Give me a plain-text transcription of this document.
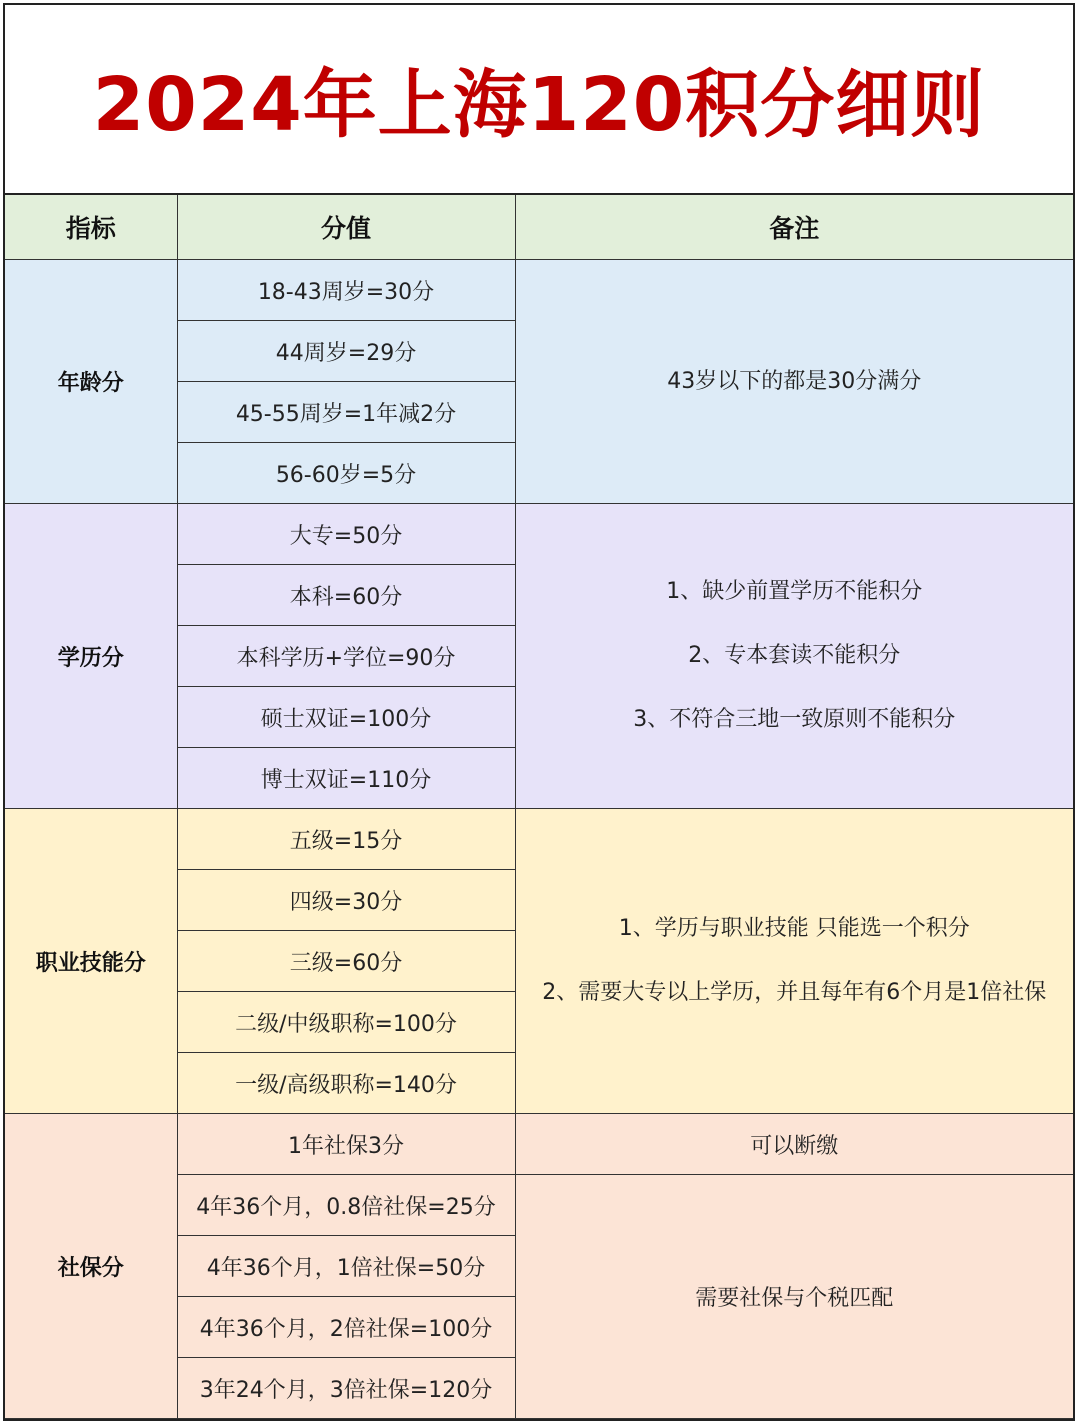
2024年上海120积分细则
指标	分值	备注
年龄分	18-43周岁=30分	43岁以下的都是30分满分

	44周岁=29分	
	45-55周岁=1年减2分	
	56-60岁=5分	
学历分	大专=50分	1、缺少前置学历不能积分

2、专本套读不能积分

3、不符合三地一致原则不能积分

	本科=60分	
	本科学历+学位=90分	
	硕士双证=100分	
	博士双证=110分	
职业技能分	五级=15分	1、学历与职业技能 只能选一个积分

2、需要大专以上学历，并且每年有6个月是1倍社保

	四级=30分	
	三级=60分	
	二级/中级职称=100分	
	一级/高级职称=140分	
社保分	1年社保3分	可以断缴
	4年36个月，0.8倍社保=25分	需要社保与个税匹配
	4年36个月，1倍社保=50分	
	4年36个月，2倍社保=100分	
	3年24个月，3倍社保=120分	
